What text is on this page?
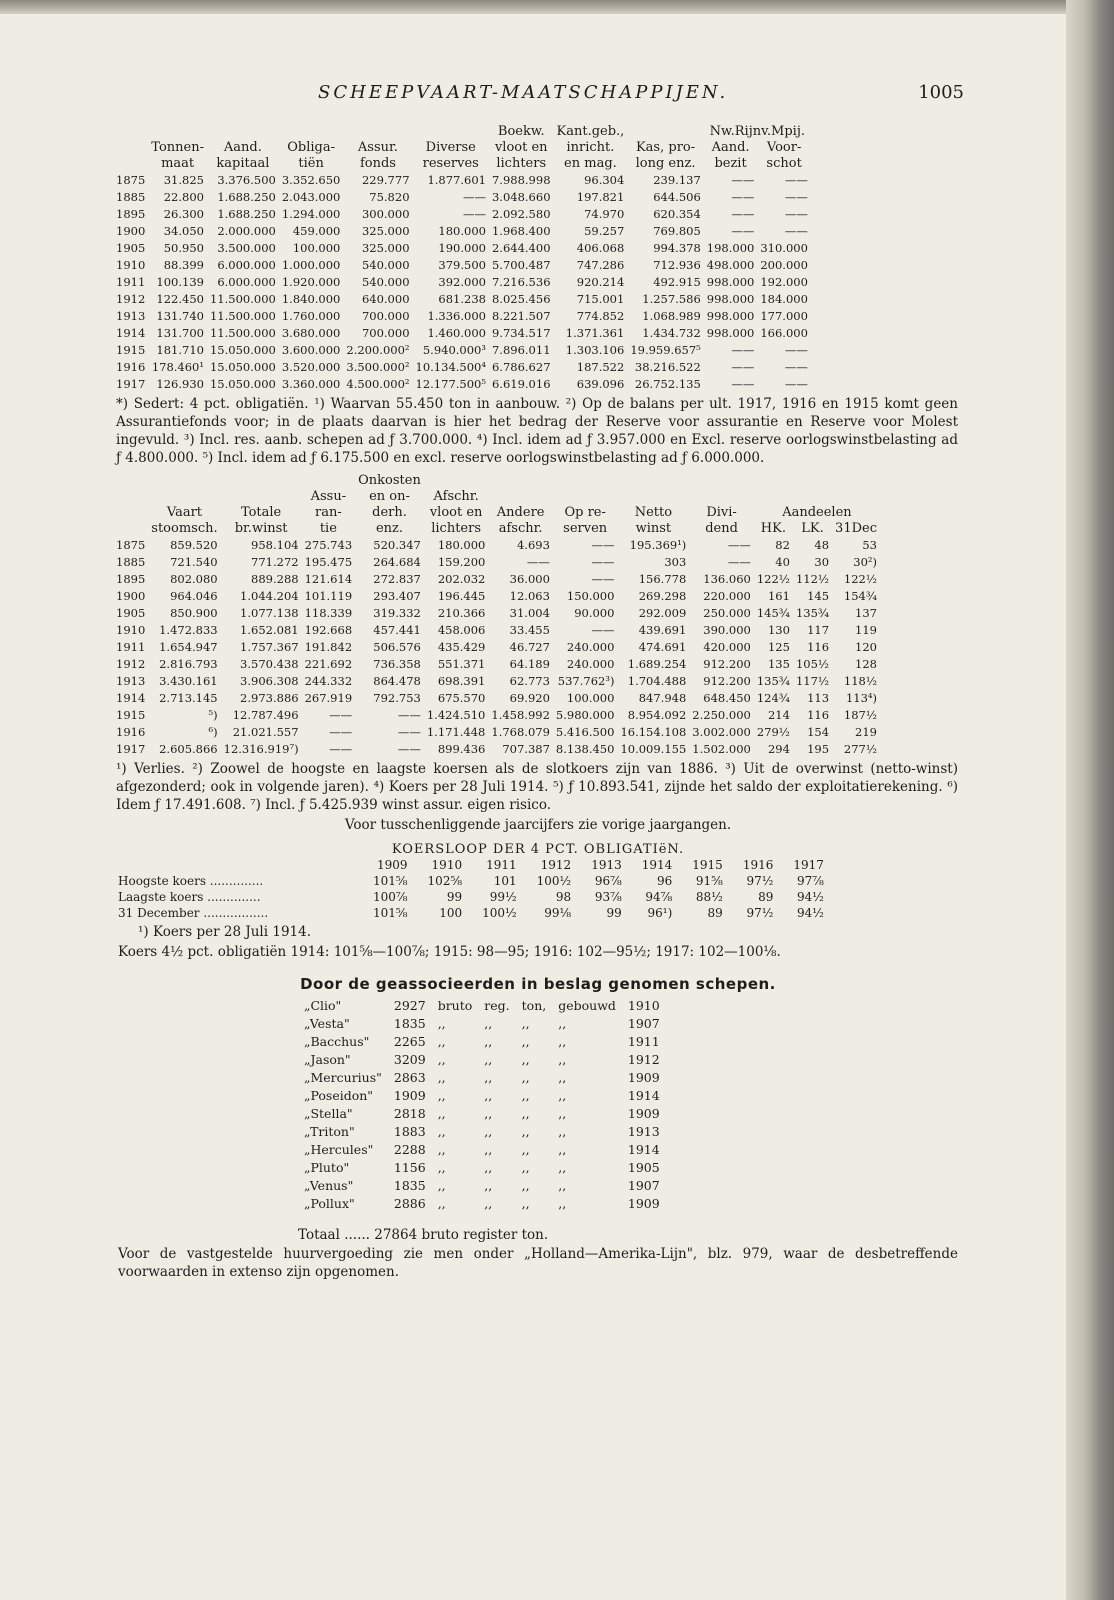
SCHEEPVAART-MAATSCHAPPIJEN.	1005
						Boekw.	Kant.geb.,		Nw.Rijnv.Mpij.	
	Tonnen-	Aand.	Obliga-	Assur.	Diverse	vloot en	inricht.	Kas, pro-	Aand.	Voor-
	maat	kapitaal	tiën	fonds	reserves	lichters	en mag.	long enz.	bezit	schot
1875	31.825	3.376.500	3.352.650	229.777	1.877.601	7.988.998	96.304	239.137	——	——
1885	22.800	1.688.250	2.043.000	75.820	——	3.048.660	197.821	644.506	——	——
1895	26.300	1.688.250	1.294.000	300.000	——	2.092.580	74.970	620.354	——	——
1900	34.050	2.000.000	459.000	325.000	180.000	1.968.400	59.257	769.805	——	——
1905	50.950	3.500.000	100.000	325.000	190.000	2.644.400	406.068	994.378	198.000	310.000
1910	88.399	6.000.000	1.000.000	540.000	379.500	5.700.487	747.286	712.936	498.000	200.000
1911	100.139	6.000.000	1.920.000	540.000	392.000	7.216.536	920.214	492.915	998.000	192.000
1912	122.450	11.500.000	1.840.000	640.000	681.238	8.025.456	715.001	1.257.586	998.000	184.000
1913	131.740	11.500.000	1.760.000	700.000	1.336.000	8.221.507	774.852	1.068.989	998.000	177.000
1914	131.700	11.500.000	3.680.000	700.000	1.460.000	9.734.517	1.371.361	1.434.732	998.000	166.000
1915	181.710	15.050.000	3.600.000	2.200.000²	5.940.000³	7.896.011	1.303.106	19.959.657⁵	——	——
1916	178.460¹	15.050.000	3.520.000	3.500.000²	10.134.500⁴	6.786.627	187.522	38.216.522	——	——
1917	126.930	15.050.000	3.360.000	4.500.000²	12.177.500⁵	6.619.016	639.096	26.752.135	——	——

*) Sedert: 4 pct. obligatiën. ¹) Waarvan 55.450 ton in aanbouw. ²) Op de balans per ult. 1917, 1916 en 1915 komt geen Assurantiefonds voor; in de plaats daarvan is hier het bedrag der Reserve voor assurantie en Reserve voor Molest ingevuld. ³) Incl. res. aanb. schepen ad ƒ 3.700.000. ⁴) Incl. idem ad ƒ 3.957.000 en Excl. reserve oorlogswinstbelasting ad ƒ 4.800.000. ⁵) Incl. idem ad ƒ 6.175.500 en excl. reserve oorlogswinstbelasting ad ƒ 6.000.000.

				Onkosten										
			Assu-	en on-	Afschr.									
	Vaart	Totale	ran-	derh.	vloot en	Andere	Op re-	Netto	Divi-	Aandeelen				
	stoomsch.	br.winst	tie	enz.	lichters	afschr.	serven	winst	dend	HK.	LK.	31Dec		
1875	859.520	958.104	275.743	520.347	180.000	4.693	——	195.369¹)	——	82	48	53		
1885	721.540	771.272	195.475	264.684	159.200	——	——	303	——	40	30	30²)		
1895	802.080	889.288	121.614	272.837	202.032	36.000	——	156.778	136.060	122½	112½	122½		
1900	964.046	1.044.204	101.119	293.407	196.445	12.063	150.000	269.298	220.000	161	145	154¾		
1905	850.900	1.077.138	118.339	319.332	210.366	31.004	90.000	292.009	250.000	145¾	135¾	137		
1910	1.472.833	1.652.081	192.668	457.441	458.006	33.455	——	439.691	390.000	130	117	119		
1911	1.654.947	1.757.367	191.842	506.576	435.429	46.727	240.000	474.691	420.000	125	116	120		
1912	2.816.793	3.570.438	221.692	736.358	551.371	64.189	240.000	1.689.254	912.200	135	105½	128		
1913	3.430.161	3.906.308	244.332	864.478	698.391	62.773	537.762³)	1.704.488	912.200	135¾	117½	118½		
1914	2.713.145	2.973.886	267.919	792.753	675.570	69.920	100.000	847.948	648.450	124¾	113	113⁴)		
1915	⁵)	12.787.496	——	——	1.424.510	1.458.992	5.980.000	8.954.092	2.250.000	214	116	187½		
1916	⁶)	21.021.557	——	——	1.171.448	1.768.079	5.416.500	16.154.108	3.002.000	279½	154	219		
1917	2.605.866	12.316.919⁷)	——	——	899.436	707.387	8.138.450	10.009.155	1.502.000	294	195	277½		

¹) Verlies. ²) Zoowel de hoogste en laagste koersen als de slotkoers zijn van 1886. ³) Uit de overwinst (netto-winst) afgezonderd; ook in volgende jaren). ⁴) Koers per 28 Juli 1914. ⁵) ƒ 10.893.541, zijnde het saldo der exploitatierekening. ⁶) Idem ƒ 17.491.608. ⁷) Incl. ƒ 5.425.939 winst assur. eigen risico.

Voor tusschenliggende jaarcijfers zie vorige jaargangen.

KOERSLOOP DER 4 PCT. OBLIGATIëN.
	1909	1910	1911	1912	1913	1914	1915	1916	1917
Hoogste koers ..............	101⅝	102⅝	101	100½	96⅞	96	91⅝	97½	97⅞
Laagste koers ..............	100⅞	99	99½	98	93⅞	94⅞	88½	89	94½
31 December .................	101⅝	100	100½	99⅛	99	96¹)	89	97½	94½

¹) Koers per 28 Juli 1914.

Koers 4½ pct. obligatiën 1914: 101⅝—100⅞; 1915: 98—95; 1916: 102—95½; 1917: 102—100⅛.

Door de geassocieerden in beslag genomen schepen.
„Clio"	2927	bruto	reg.	ton,	gebouwd	1910
„Vesta"	1835	,,	,,	,,	,,	1907
„Bacchus"	2265	,,	,,	,,	,,	1911
„Jason"	3209	,,	,,	,,	,,	1912
„Mercurius"	2863	,,	,,	,,	,,	1909
„Poseidon"	1909	,,	,,	,,	,,	1914
„Stella"	2818	,,	,,	,,	,,	1909
„Triton"	1883	,,	,,	,,	,,	1913
„Hercules"	2288	,,	,,	,,	,,	1914
„Pluto"	1156	,,	,,	,,	,,	1905
„Venus"	1835	,,	,,	,,	,,	1907
„Pollux"	2886	,,	,,	,,	,,	1909
Totaal ...... 27864 bruto register ton.

Voor de vastgestelde huurvergoeding zie men onder „Holland—Amerika-Lijn", blz. 979, waar de desbetreffende voorwaarden in extenso zijn opgenomen.
